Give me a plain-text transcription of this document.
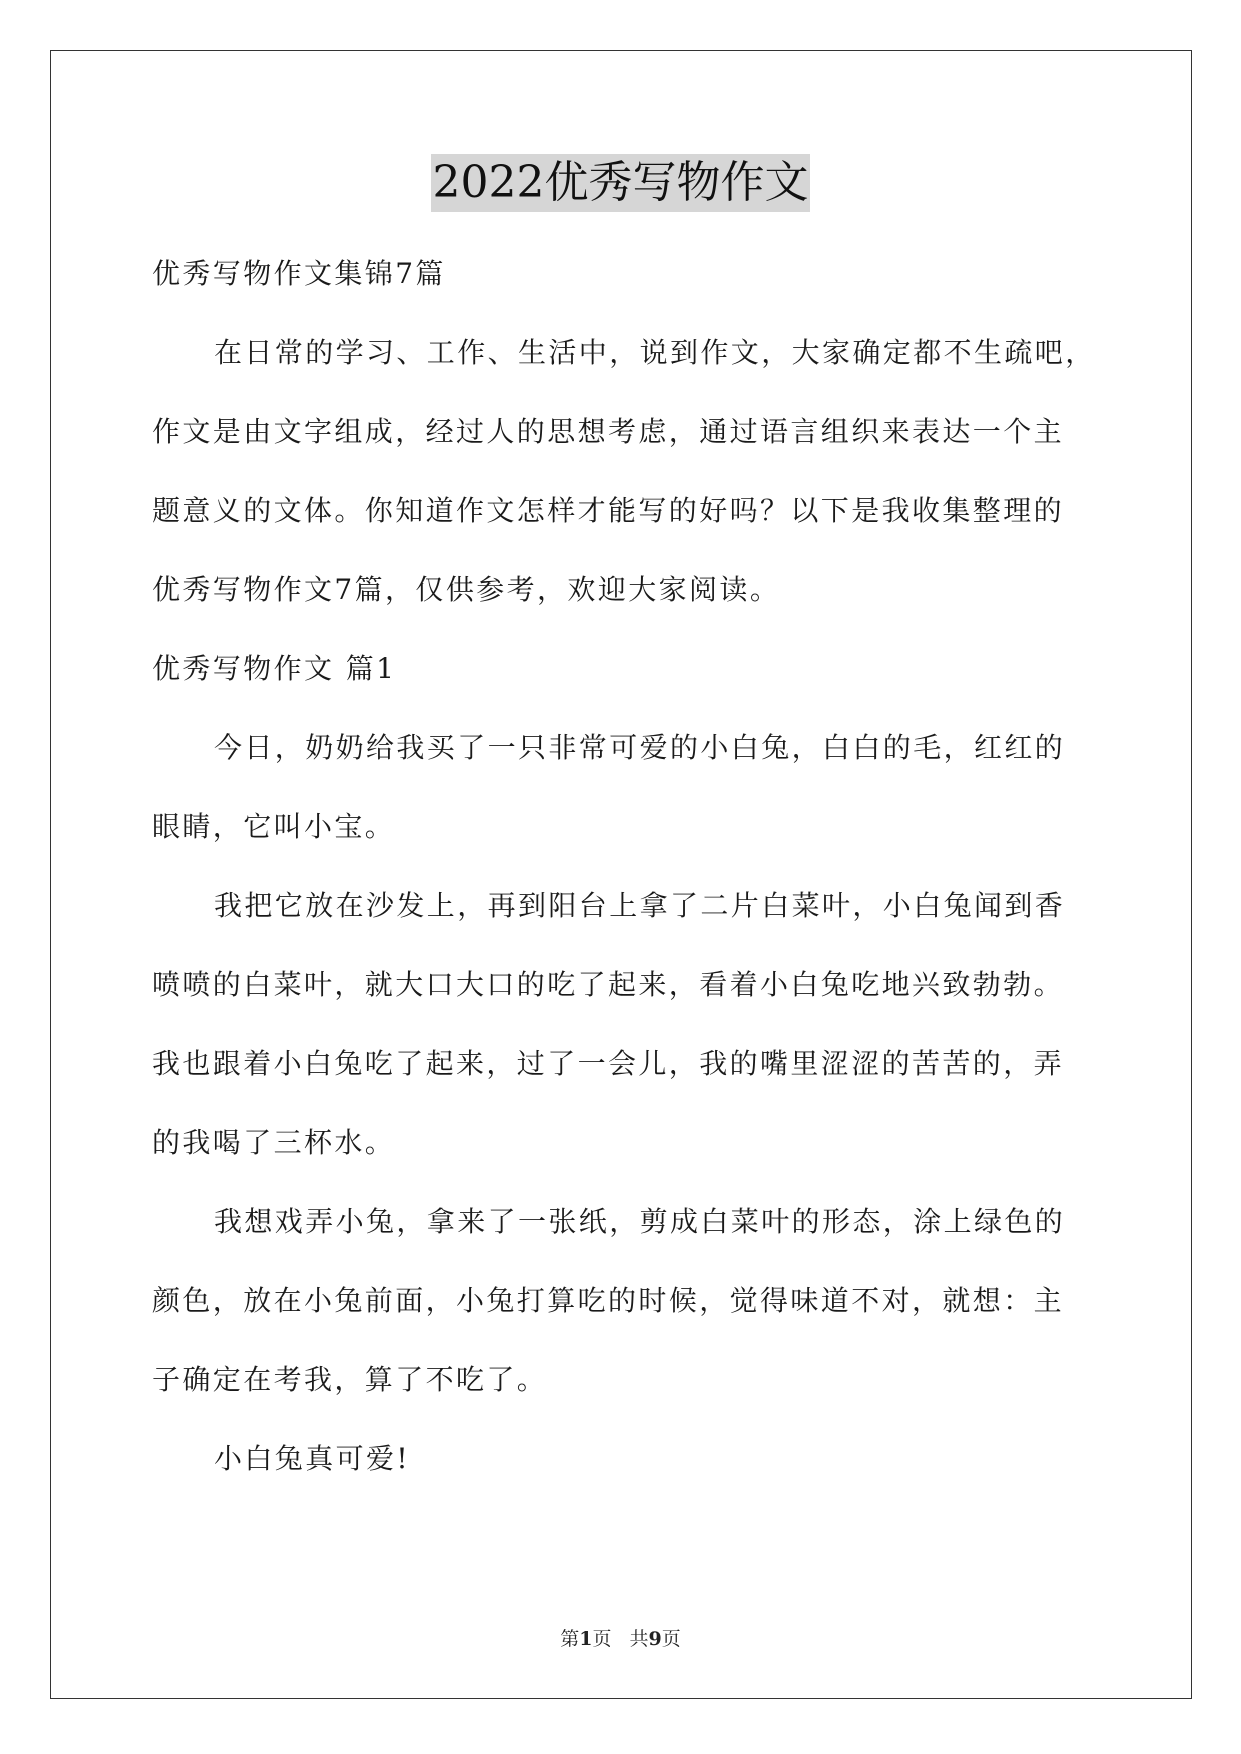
2022优秀写物作文
优秀写物作文集锦7篇
在日常的学习、工作、生活中，说到作文，大家确定都不生疏吧，
作文是由文字组成，经过人的思想考虑，通过语言组织来表达一个主
题意义的文体。你知道作文怎样才能写的好吗？以下是我收集整理的
优秀写物作文7篇，仅供参考，欢迎大家阅读。
优秀写物作文 篇1
今日，奶奶给我买了一只非常可爱的小白兔，白白的毛，红红的
眼睛，它叫小宝。
我把它放在沙发上，再到阳台上拿了二片白菜叶，小白兔闻到香
喷喷的白菜叶，就大口大口的吃了起来，看着小白兔吃地兴致勃勃。
我也跟着小白兔吃了起来，过了一会儿，我的嘴里涩涩的苦苦的，弄
的我喝了三杯水。
我想戏弄小兔，拿来了一张纸，剪成白菜叶的形态，涂上绿色的
颜色，放在小兔前面，小兔打算吃的时候，觉得味道不对，就想：主
子确定在考我，算了不吃了。
小白兔真可爱!
第1页 共9页
